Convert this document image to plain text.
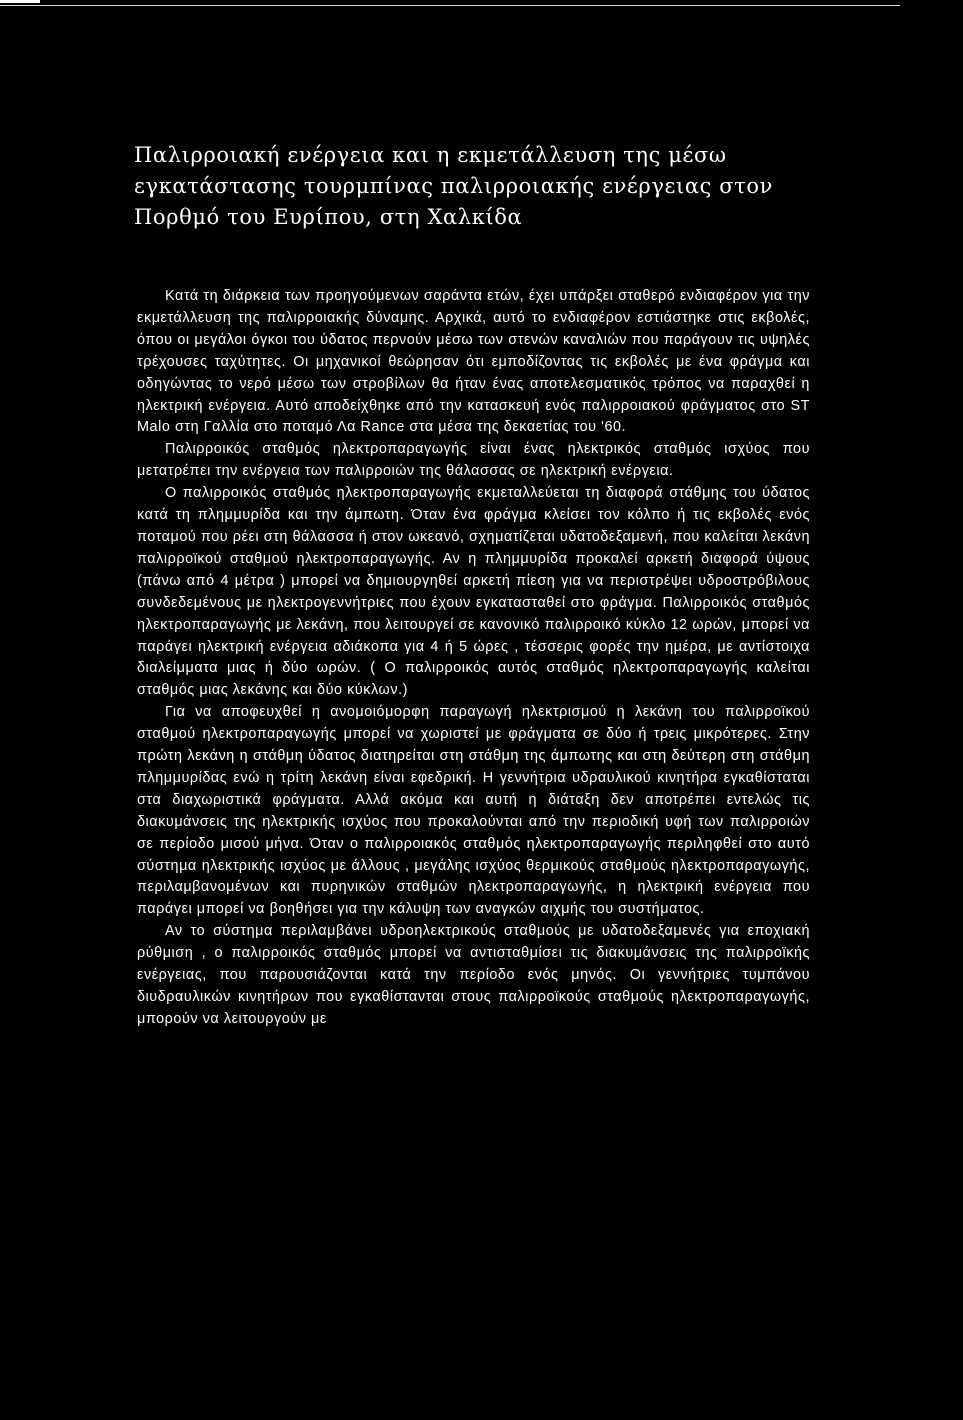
Παλιρροιακή ενέργεια και η εκμετάλλευση της μέσω εγκατάστασης τουρμπίνας παλιρροιακής ενέργειας στον Πορθμό του Ευρίπου, στη Χαλκίδα

Κατά τη διάρκεια των προηγούμενων σαράντα ετών, έχει υπάρξει σταθερό ενδιαφέρον για την εκμετάλλευση της παλιρροιακής δύναμης. Αρχικά, αυτό το ενδιαφέρον εστιάστηκε στις εκβολές, όπου οι μεγάλοι όγκοι του ύδατος περνούν μέσω των στενών καναλιών που παράγουν τις υψηλές τρέχουσες ταχύτητες. Οι μηχανικοί θεώρησαν ότι εμποδίζοντας τις εκβολές με ένα φράγμα και οδηγώντας το νερό μέσω των στροβίλων θα ήταν ένας αποτελεσματικός τρόπος να παραχθεί η ηλεκτρική ενέργεια. Αυτό αποδείχθηκε από την κατασκευή ενός παλιρροιακού φράγματος στο ST Malo στη Γαλλία στο ποταμό Λα Rance στα μέσα της δεκαετίας του '60.

Παλιρροικός σταθμός ηλεκτροπαραγωγής είναι ένας ηλεκτρικός σταθμός ισχύος που μετατρέπει την ενέργεια των παλιρροιών της θάλασσας σε ηλεκτρική ενέργεια.

Ο παλιρροικός σταθμός ηλεκτροπαραγωγής εκμεταλλεύεται τη διαφορά στάθμης του ύδατος κατά τη πλημμυρίδα και την άμπωτη. Όταν ένα φράγμα κλείσει τον κόλπο ή τις εκβολές ενός ποταμού που ρέει στη θάλασσα ή στον ωκεανό, σχηματίζεται υδατοδεξαμενή, που καλείται λεκάνη παλιρροϊκού σταθμού ηλεκτροπαραγωγής. Αν η πλημμυρίδα προκαλεί αρκετή διαφορά ύψους (πάνω από 4 μέτρα ) μπορεί να δημιουργηθεί αρκετή πίεση για να περιστρέψει υδροστρόβιλους συνδεδεμένους με ηλεκτρογεννήτριες που έχουν εγκατασταθεί στο φράγμα. Παλιρροικός σταθμός ηλεκτροπαραγωγής με λεκάνη, που λειτουργεί σε κανονικό παλιρροικό κύκλο 12 ωρών, μπορεί να παράγει ηλεκτρική ενέργεια αδιάκοπα για 4 ή 5 ώρες , τέσσερις φορές την ημέρα, με αντίστοιχα διαλείμματα μιας ή δύο ωρών. ( Ο παλιρροικός αυτός σταθμός ηλεκτροπαραγωγής καλείται σταθμός μιας λεκάνης και δύο κύκλων.)

Για να αποφευχθεί η ανομοιόμορφη παραγωγή ηλεκτρισμού η λεκάνη του παλιρροϊκού σταθμού ηλεκτροπαραγωγής μπορεί να χωριστεί με φράγματα σε δύο ή τρεις μικρότερες. Στην πρώτη λεκάνη η στάθμη ύδατος διατηρείται στη στάθμη της άμπωτης και στη δεύτερη στη στάθμη πλημμυρίδας ενώ η τρίτη λεκάνη είναι εφεδρική. Η γεννήτρια υδραυλικού κινητήρα εγκαθίσταται στα διαχωριστικά φράγματα. Αλλά ακόμα και αυτή η διάταξη δεν αποτρέπει εντελώς τις διακυμάνσεις της ηλεκτρικής ισχύος που προκαλούνται από την περιοδική υφή των παλιρροιών σε περίοδο μισού μήνα. Όταν ο παλιρροιακός σταθμός ηλεκτροπαραγωγής περιληφθεί στο αυτό σύστημα ηλεκτρικής ισχύος με άλλους , μεγάλης ισχύος θερμικούς σταθμούς ηλεκτροπαραγωγής, περιλαμβανομένων και πυρηνικών σταθμών ηλεκτροπαραγωγής, η ηλεκτρική ενέργεια που παράγει μπορεί να βοηθήσει για την κάλυψη των αναγκών αιχμής του συστήματος.

Αν το σύστημα περιλαμβάνει υδροηλεκτρικούς σταθμούς με υδατοδεξαμενές για εποχιακή ρύθμιση , ο παλιρροικός σταθμός μπορεί να αντισταθμίσει τις διακυμάνσεις της παλιρροϊκής ενέργειας, που παρουσιάζονται κατά την περίοδο ενός μηνός. Οι γεννήτριες τυμπάνου διυδραυλικών κινητήρων που εγκαθίστανται στους παλιρροϊκούς σταθμούς ηλεκτροπαραγωγής, μπορούν να λειτουργούν με
